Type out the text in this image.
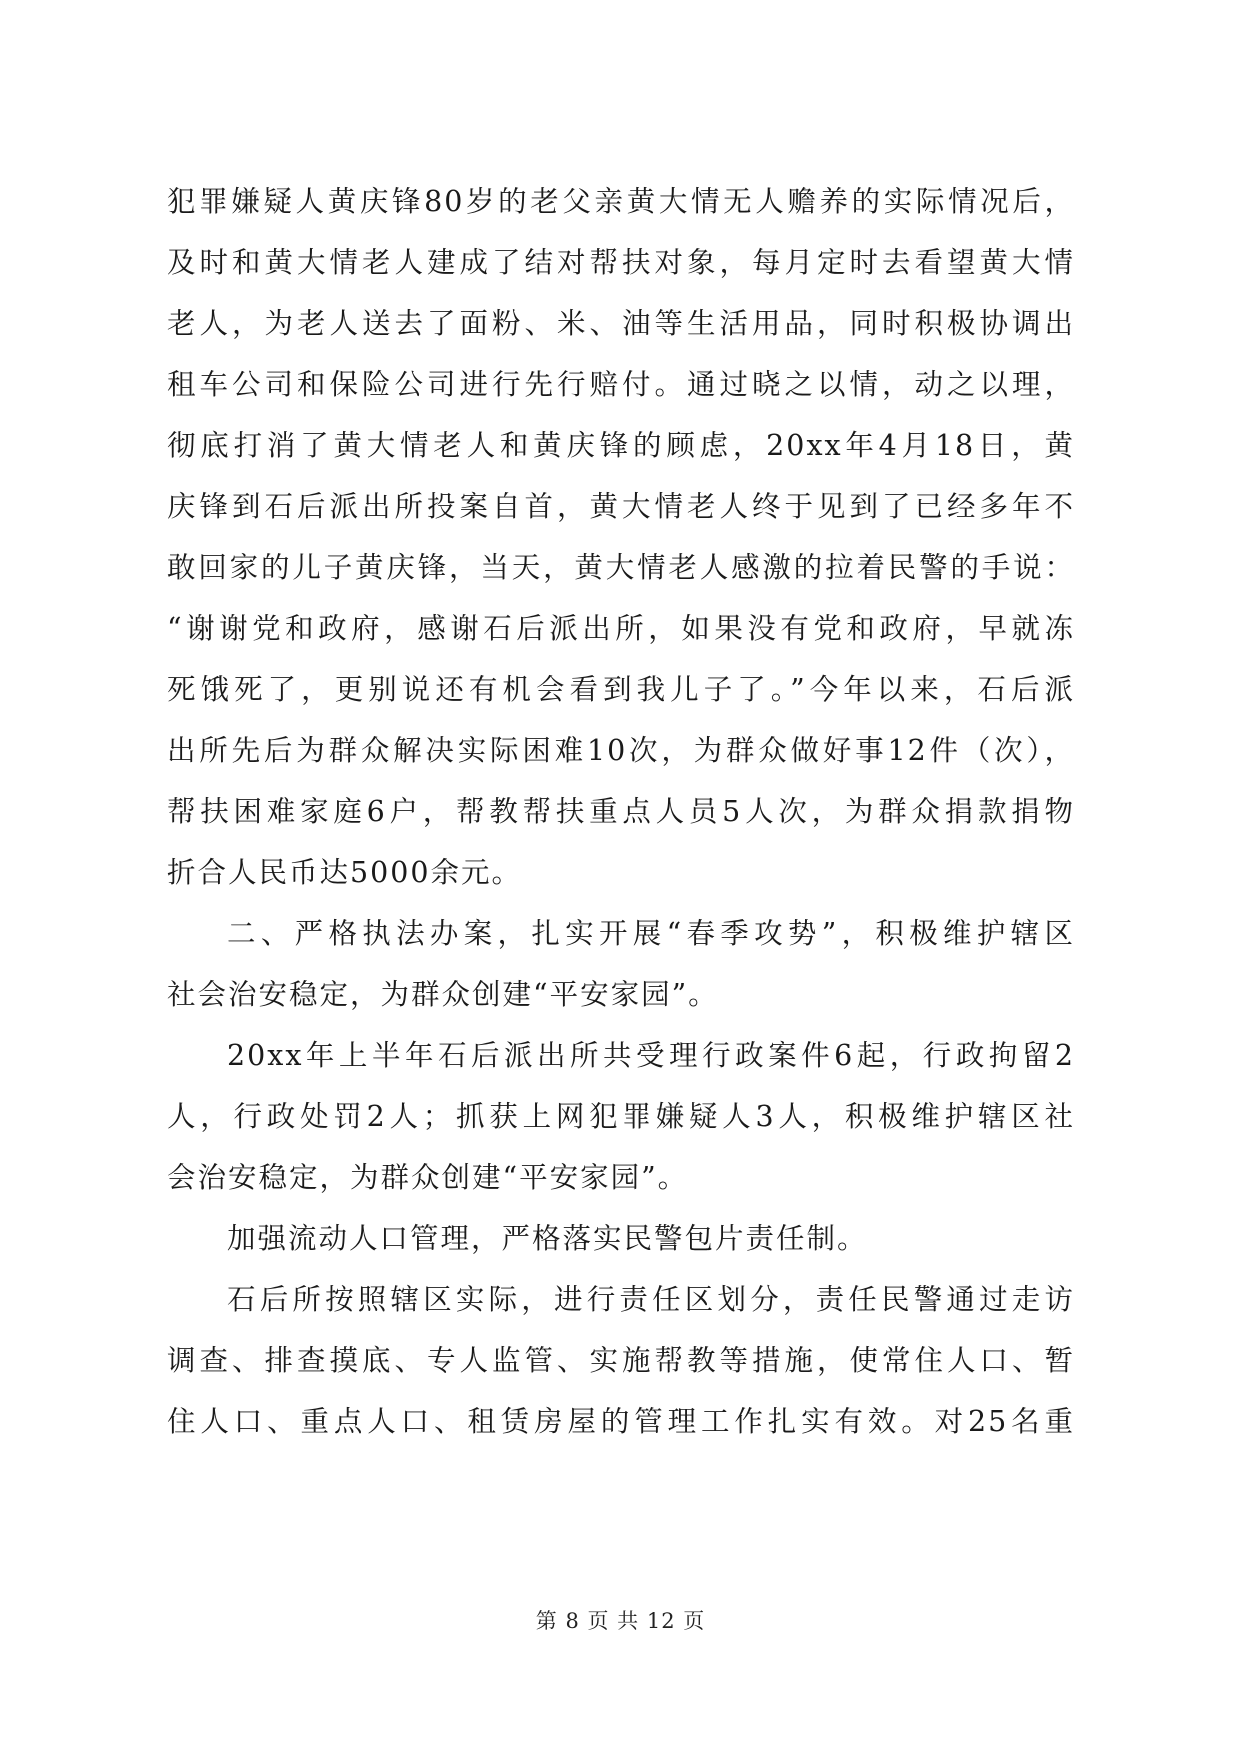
犯罪嫌疑人黄庆锋80岁的老父亲黄大情无人赡养的实际情况后，
及时和黄大情老人建成了结对帮扶对象，每月定时去看望黄大情
老人，为老人送去了面粉、米、油等生活用品，同时积极协调出
租车公司和保险公司进行先行赔付。通过晓之以情，动之以理，
彻底打消了黄大情老人和黄庆锋的顾虑，20xx年4月18日，黄
庆锋到石后派出所投案自首，黄大情老人终于见到了已经多年不
敢回家的儿子黄庆锋，当天，黄大情老人感激的拉着民警的手说：
“谢谢党和政府，感谢石后派出所，如果没有党和政府，早就冻
死饿死了，更别说还有机会看到我儿子了。”今年以来，石后派
出所先后为群众解决实际困难10次，为群众做好事12件（次），
帮扶困难家庭6户，帮教帮扶重点人员5人次，为群众捐款捐物
折合人民币达5000余元。
二、严格执法办案，扎实开展“春季攻势”，积极维护辖区
社会治安稳定，为群众创建“平安家园”。
20xx年上半年石后派出所共受理行政案件6起，行政拘留2
人，行政处罚2人；抓获上网犯罪嫌疑人3人，积极维护辖区社
会治安稳定，为群众创建“平安家园”。
加强流动人口管理，严格落实民警包片责任制。
石后所按照辖区实际，进行责任区划分，责任民警通过走访
调查、排查摸底、专人监管、实施帮教等措施，使常住人口、暂
住人口、重点人口、租赁房屋的管理工作扎实有效。对25名重
第 8 页 共 12 页
